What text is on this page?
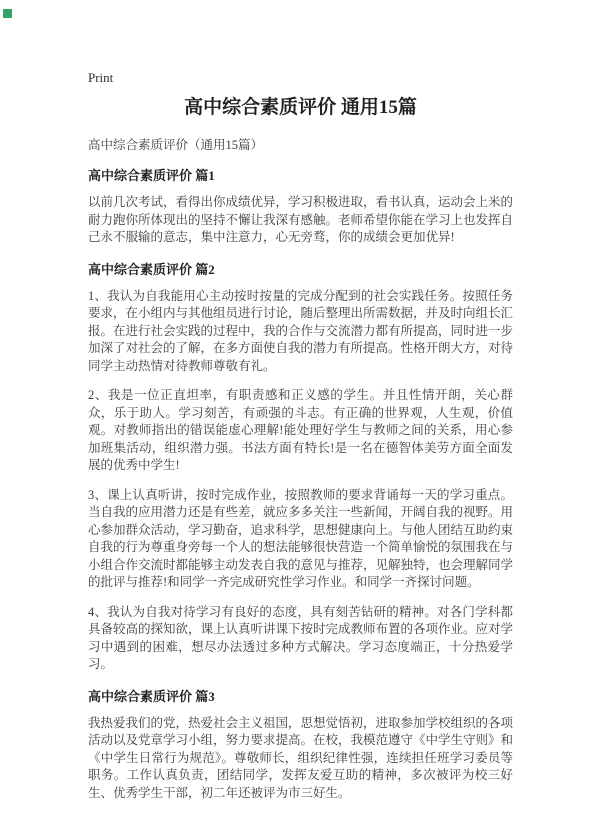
Print
高中综合素质评价 通用15篇
高中综合素质评价（通用15篇）
高中综合素质评价 篇1

以前几次考试，看得出你成绩优异，学习积极进取，看书认真，运动会上米的耐力跑你所体现出的坚持不懈让我深有感触。老师希望你能在学习上也发挥自己永不服输的意志，集中注意力，心无旁骛，你的成绩会更加优异!

高中综合素质评价 篇2

1、我认为自我能用心主动按时按量的完成分配到的社会实践任务。按照任务要求，在小组内与其他组员进行讨论，随后整理出所需数据，并及时向组长汇报。在进行社会实践的过程中，我的合作与交流潜力都有所提高，同时进一步加深了对社会的了解，在多方面使自我的潜力有所提高。性格开朗大方，对待同学主动热情对待教师尊敬有礼。

2、我是一位正直坦率，有职责感和正义感的学生。并且性情开朗，关心群众，乐于助人。学习刻苦，有顽强的斗志。有正确的世界观，人生观，价值观。对教师指出的错误能虚心理解!能处理好学生与教师之间的关系，用心参加班集活动，组织潜力强。书法方面有特长!是一名在德智体美劳方面全面发展的优秀中学生!

3、课上认真听讲，按时完成作业，按照教师的要求背诵每一天的学习重点。当自我的应用潜力还是有些差，就应多多关注一些新闻，开阔自我的视野。用心参加群众活动，学习勤奋，追求科学，思想健康向上。与他人团结互助约束自我的行为尊重身旁每一个人的想法能够很快营造一个简单愉悦的氛围我在与小组合作交流时都能够主动发表自我的意见与推荐，见解独特，也会理解同学的批评与推荐!和同学一齐完成研究性学习作业。和同学一齐探讨问题。

4、我认为自我对待学习有良好的态度，具有刻苦钻研的精神。对各门学科都具备较高的探知欲，课上认真听讲课下按时完成教师布置的各项作业。应对学习中遇到的困难，想尽办法透过多种方式解决。学习态度端正，十分热爱学习。

高中综合素质评价 篇3

我热爱我们的党，热爱社会主义祖国，思想觉悟初，进取参加学校组织的各项活动以及党章学习小组，努力要求提高。在校，我模范遵守《中学生守则》和《中学生日常行为规范》。尊敬师长，组织纪律性强，连续担任班学习委员等职务。工作认真负责，团结同学，发挥友爱互助的精神，多次被评为校三好生、优秀学生干部，初二年还被评为市三好生。
